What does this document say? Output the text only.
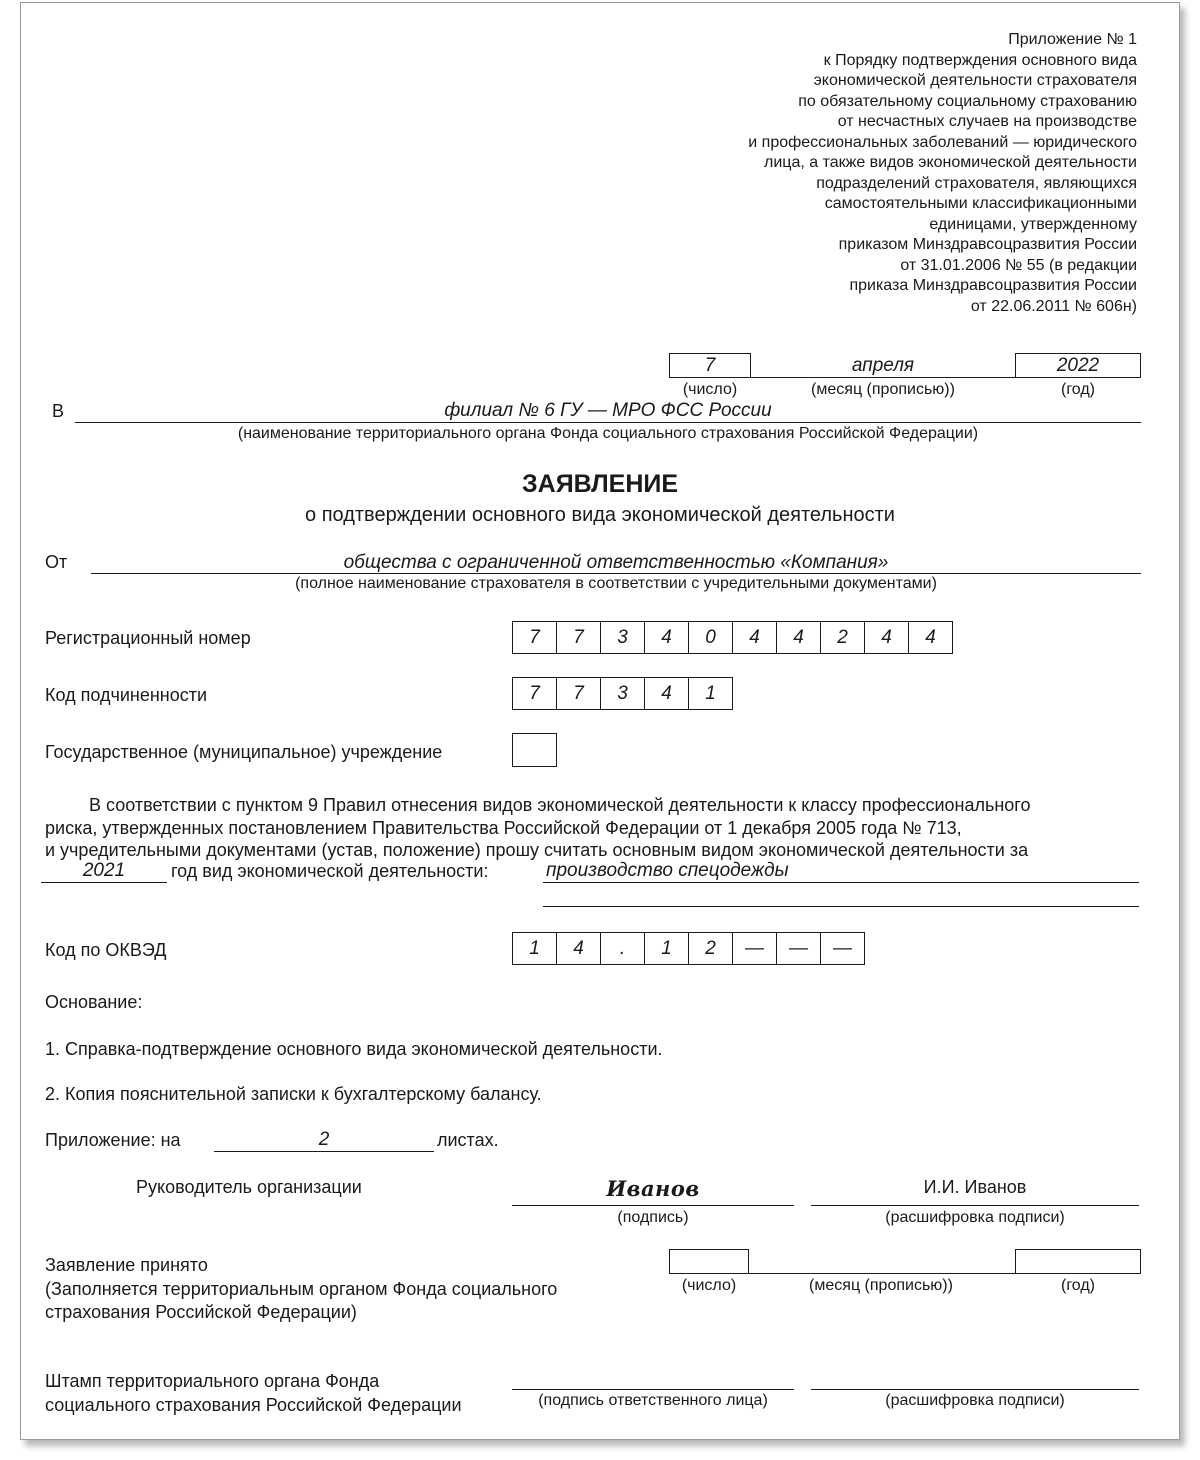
Приложение № 1
к Порядку подтверждения основного вида
экономической деятельности страхователя
по обязательному социальному страхованию
от несчастных случаев на производстве
и профессиональных заболеваний — юридического
лица, а также видов экономической деятельности
подразделений страхователя, являющихся
самостоятельными классификационными
единицами, утвержденному
приказом Минздравсоцразвития России
от 31.01.2006 № 55 (в редакции
приказа Минздравсоцразвития России
от 22.06.2011 № 606н)
7	апреля	2022
(число)	(месяц (прописью))	(год)
В	филиал № 6 ГУ — МРО ФСС России
(наименование территориального органа Фонда социального страхования Российской Федерации)
ЗАЯВЛЕНИЕ
о подтверждении основного вида экономической деятельности
От	общества с ограниченной ответственностью «Компания»
(полное наименование страхователя в соответствии с учредительными документами)
Регистрационный номер	7	7	3	4	0	4	4	2	4	4
Код подчиненности	7	7	3	4	1
Государственное (муниципальное) учреждение
В соответствии с пунктом 9 Правил отнесения видов экономической деятельности к классу профессионального
риска, утвержденных постановлением Правительства Российской Федерации от 1 декабря 2005 года № 713,
и учредительными документами (устав, положение) прошу считать основным видом экономической деятельности за
2021	год вид экономической деятельности:	производство спецодежды
Код по ОКВЭД	1	4	.	1	2	—	—	—
Основание:
1. Справка-подтверждение основного вида экономической деятельности.
2. Копия пояснительной записки к бухгалтерскому балансу.
Приложение: на	2	листах.
Руководитель организации	Иванов	И.И. Иванов
(подпись)	(расшифровка подписи)
Заявление принято
(Заполняется территориальным органом Фонда социального
страхования Российской Федерации)
(число)	(месяц (прописью))	(год)
Штамп территориального органа Фонда
социального страхования Российской Федерации	(подпись ответственного лица)	(расшифровка подписи)
